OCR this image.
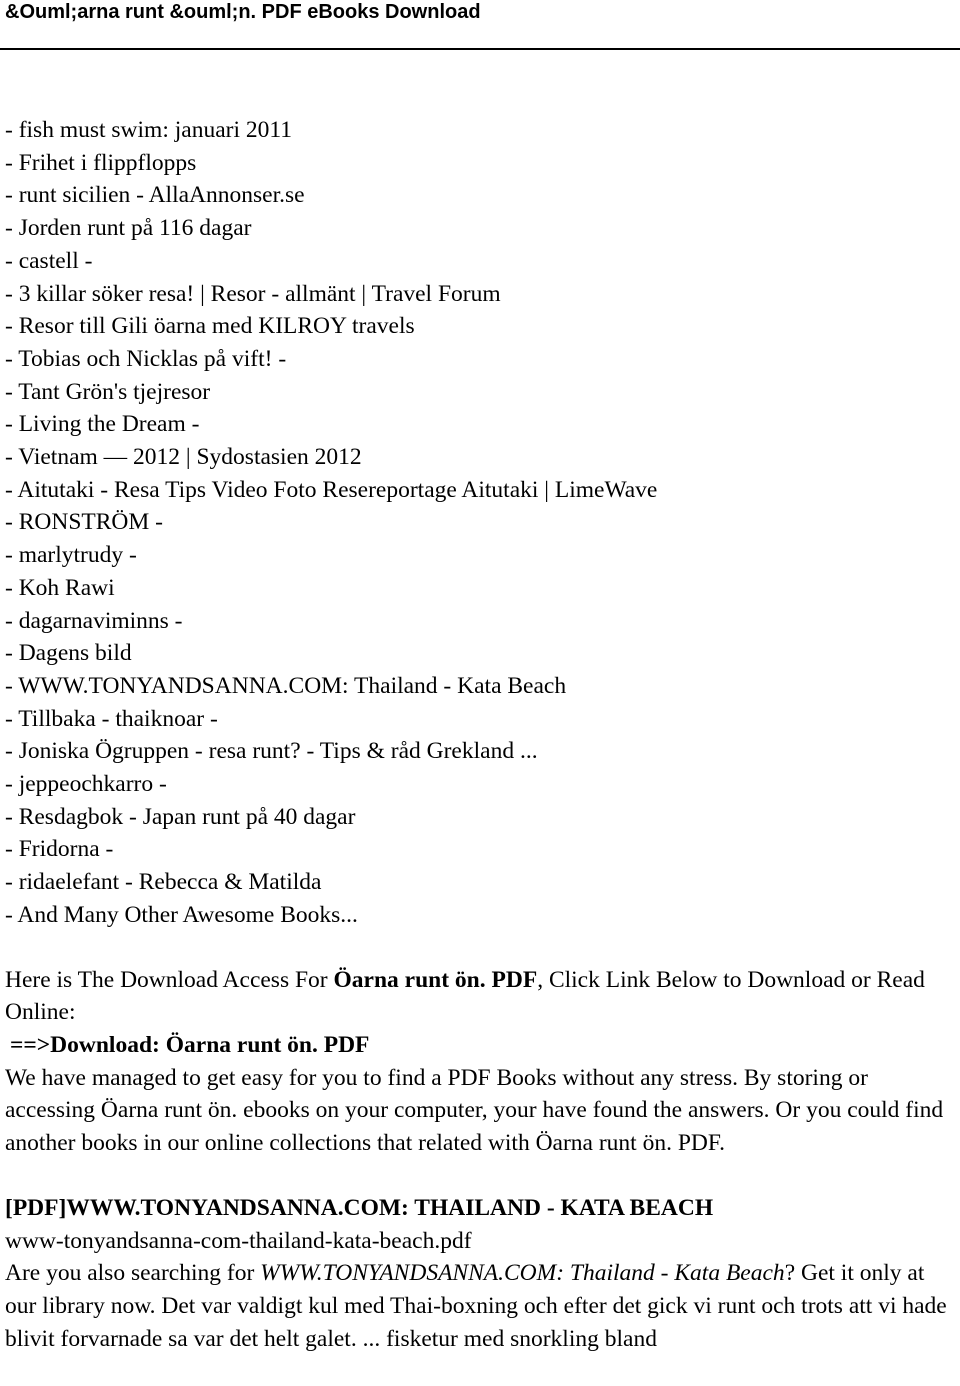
&Ouml;arna runt &ouml;n. PDF eBooks Download
- fish must swim: januari 2011
- Frihet i flippflopps
- runt sicilien - AllaAnnonser.se
- Jorden runt på 116 dagar
- castell -
- 3 killar söker resa! | Resor - allmänt | Travel Forum
- Resor till Gili öarna med KILROY travels
- Tobias och Nicklas på vift! -
- Tant Grön's tjejresor
- Living the Dream -
- Vietnam — 2012 | Sydostasien 2012
- Aitutaki - Resa Tips Video Foto Resereportage Aitutaki | LimeWave
- RONSTRÖM -
- marlytrudy -
- Koh Rawi
- dagarnaviminns -
- Dagens bild
- WWW.TONYANDSANNA.COM: Thailand - Kata Beach
- Tillbaka - thaiknoar -
- Joniska Ögruppen - resa runt? - Tips & råd Grekland ...
- jeppeochkarro -
- Resdagbok - Japan runt på 40 dagar
- Fridorna -
- ridaelefant - Rebecca & Matilda
- And Many Other Awesome Books...
Here is The Download Access For Öarna runt ön. PDF, Click Link Below to Download or Read Online:
==>Download: Öarna runt ön. PDF
We have managed to get easy for you to find a PDF Books without any stress. By storing or accessing Öarna runt ön. ebooks on your computer, your have found the answers. Or you could find another books in our online collections that related with Öarna runt ön. PDF.
[PDF]WWW.TONYANDSANNA.COM: THAILAND - KATA BEACH
www-tonyandsanna-com-thailand-kata-beach.pdf
Are you also searching for WWW.TONYANDSANNA.COM: Thailand - Kata Beach? Get it only at our library now. Det var valdigt kul med Thai-boxning och efter det gick vi runt och trots att vi hade blivit forvarnade sa var det helt galet. ... fisketur med snorkling bland
